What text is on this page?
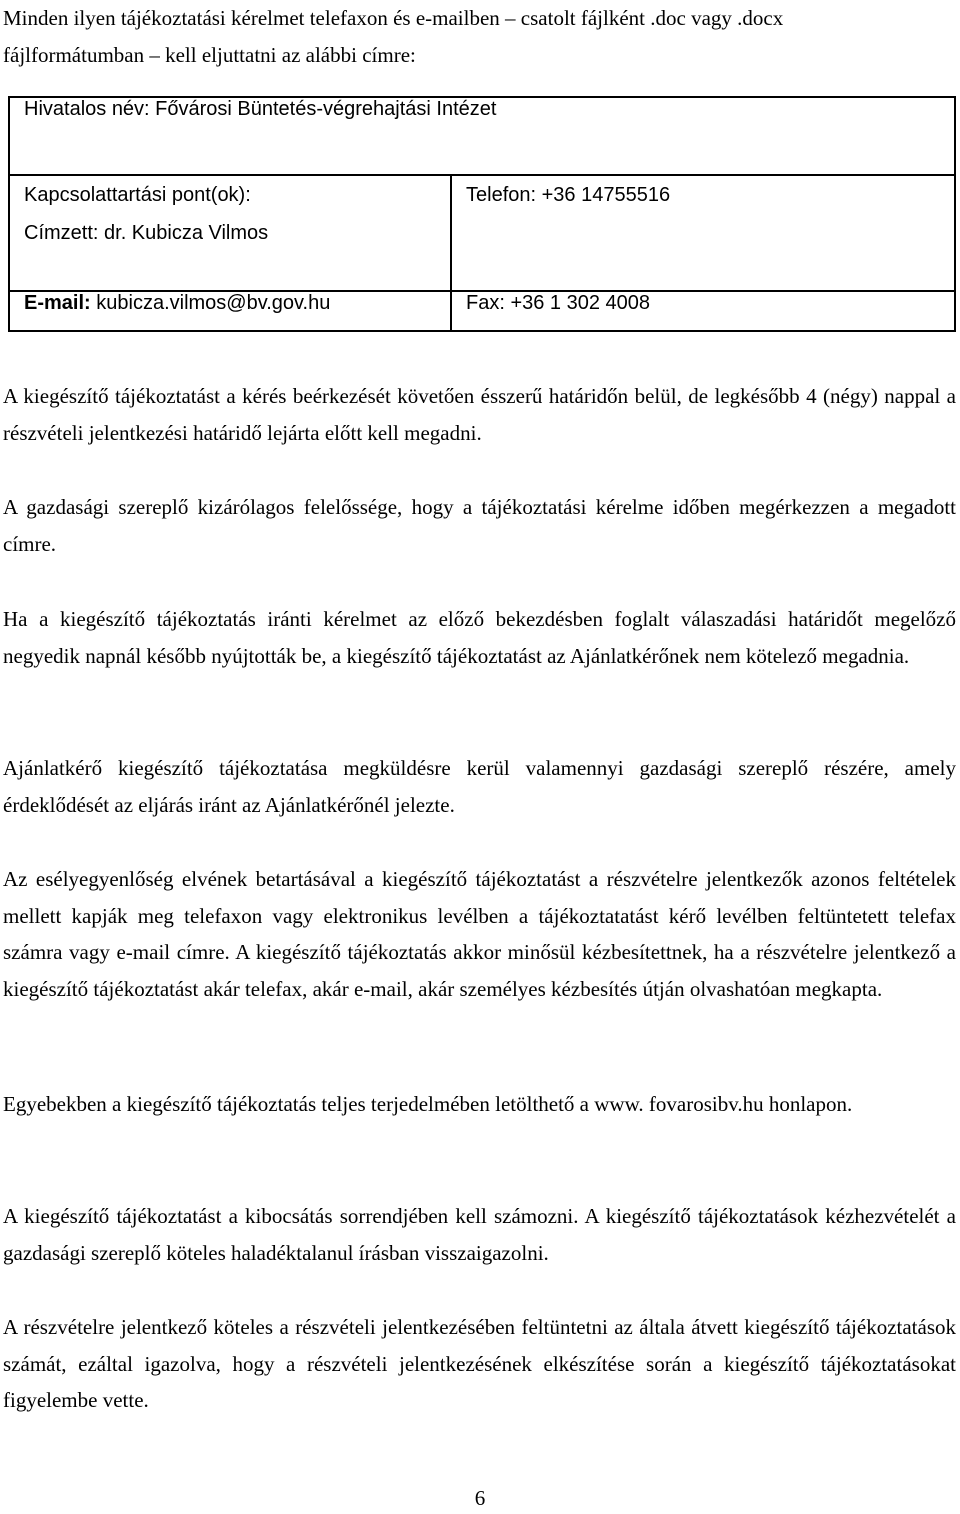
Minden ilyen tájékoztatási kérelmet telefaxon és e-mailben – csatolt fájlként .doc vagy .docx
fájlformátumban – kell eljuttatni az alábbi címre:
Hivatalos név: Fővárosi Büntetés-végrehajtási Intézet	

Kapcsolattartási pont(ok):
Címzett: dr. Kubicza Vilmos	Telefon: +36 14755516
E-mail: kubicza.vilmos@bv.gov.hu	Fax: +36 1 302 4008
A kiegészítő tájékoztatást a kérés beérkezését követően ésszerű határidőn belül, de legkésőbb 4 (négy) nappal a részvételi jelentkezési határidő lejárta előtt kell megadni.
A gazdasági szereplő kizárólagos felelőssége, hogy a tájékoztatási kérelme időben megérkezzen a megadott címre.
Ha a kiegészítő tájékoztatás iránti kérelmet az előző bekezdésben foglalt válaszadási határidőt megelőző negyedik napnál később nyújtották be, a kiegészítő tájékoztatást az Ajánlatkérőnek nem kötelező megadnia.
Ajánlatkérő kiegészítő tájékoztatása megküldésre kerül valamennyi gazdasági szereplő részére, amely érdeklődését az eljárás iránt az Ajánlatkérőnél jelezte.
Az esélyegyenlőség elvének betartásával a kiegészítő tájékoztatást a részvételre jelentkezők azonos feltételek mellett kapják meg telefaxon vagy elektronikus levélben a tájékoztatatást kérő levélben feltüntetett telefax számra vagy e-mail címre. A kiegészítő tájékoztatás akkor minősül kézbesítettnek, ha a részvételre jelentkező a kiegészítő tájékoztatást akár telefax, akár e-mail, akár személyes kézbesítés útján olvashatóan megkapta.
Egyebekben a kiegészítő tájékoztatás teljes terjedelmében letölthető a www. fovarosibv.hu honlapon.
A kiegészítő tájékoztatást a kibocsátás sorrendjében kell számozni. A kiegészítő tájékoztatások kézhezvételét a gazdasági szereplő köteles haladéktalanul írásban visszaigazolni.
A részvételre jelentkező köteles a részvételi jelentkezésében feltüntetni az általa átvett kiegészítő tájékoztatások számát, ezáltal igazolva, hogy a részvételi jelentkezésének elkészítése során a kiegészítő tájékoztatásokat figyelembe vette.
6
